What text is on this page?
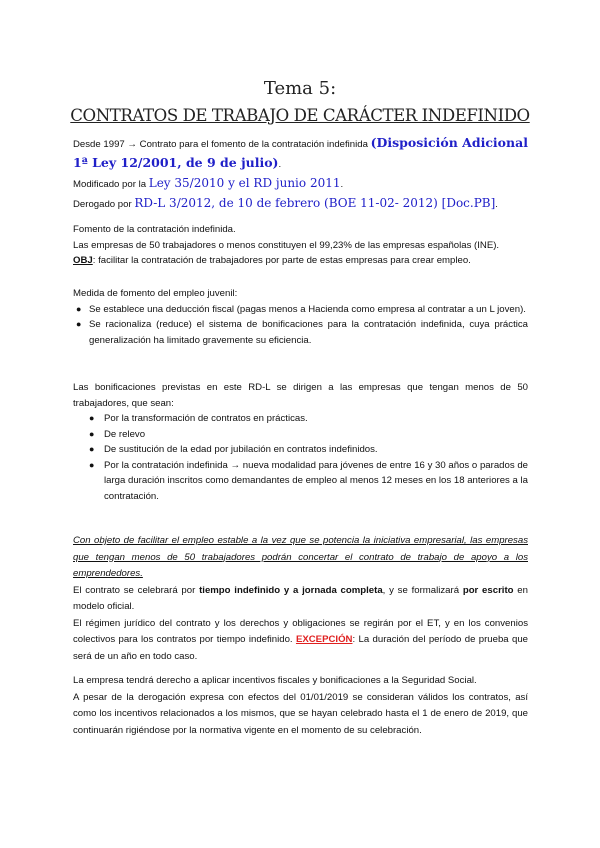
Tema 5:
CONTRATOS DE TRABAJO DE CARÁCTER INDEFINIDO
Desde 1997 → Contrato para el fomento de la contratación indefinida (Disposición Adicional
1ª Ley 12/2001, de 9 de julio).
Modificado por la Ley 35/2010 y el RD junio 2011.
Derogado por RD-L 3/2012, de 10 de febrero (BOE 11-02- 2012) [Doc.PB].
Fomento de la contratación indefinida.
Las empresas de 50 trabajadores o menos constituyen el 99,23% de las empresas españolas (INE).
OBJ: facilitar la contratación de trabajadores por parte de estas empresas para crear empleo.
Medida de fomento del empleo juvenil:
● Se establece una deducción fiscal (pagas menos a Hacienda como empresa al contratar a un L joven).
● Se racionaliza (reduce) el sistema de bonificaciones para la contratación indefinida, cuya práctica generalización ha limitado gravemente su eficiencia.
Las bonificaciones previstas en este RD-L se dirigen a las empresas que tengan menos de 50 trabajadores, que sean:
● Por la transformación de contratos en prácticas.
● De relevo
● De sustitución de la edad por jubilación en contratos indefinidos.
● Por la contratación indefinida → nueva modalidad para jóvenes de entre 16 y 30 años o parados de larga duración inscritos como demandantes de empleo al menos 12 meses en los 18 anteriores a la contratación.
Con objeto de facilitar el empleo estable a la vez que se potencia la iniciativa empresarial, las empresas que tengan menos de 50 trabajadores podrán concertar el contrato de trabajo de apoyo a los emprendedores.
El contrato se celebrará por tiempo indefinido y a jornada completa, y se formalizará por escrito en modelo oficial.
El régimen jurídico del contrato y los derechos y obligaciones se regirán por el ET, y en los convenios colectivos para los contratos por tiempo indefinido. EXCEPCIÓN: La duración del período de prueba que será de un año en todo caso.
La empresa tendrá derecho a aplicar incentivos fiscales y bonificaciones a la Seguridad Social.
A pesar de la derogación expresa con efectos del 01/01/2019 se consideran válidos los contratos, así como los incentivos relacionados a los mismos, que se hayan celebrado hasta el 1 de enero de 2019, que continuarán rigiéndose por la normativa vigente en el momento de su celebración.
